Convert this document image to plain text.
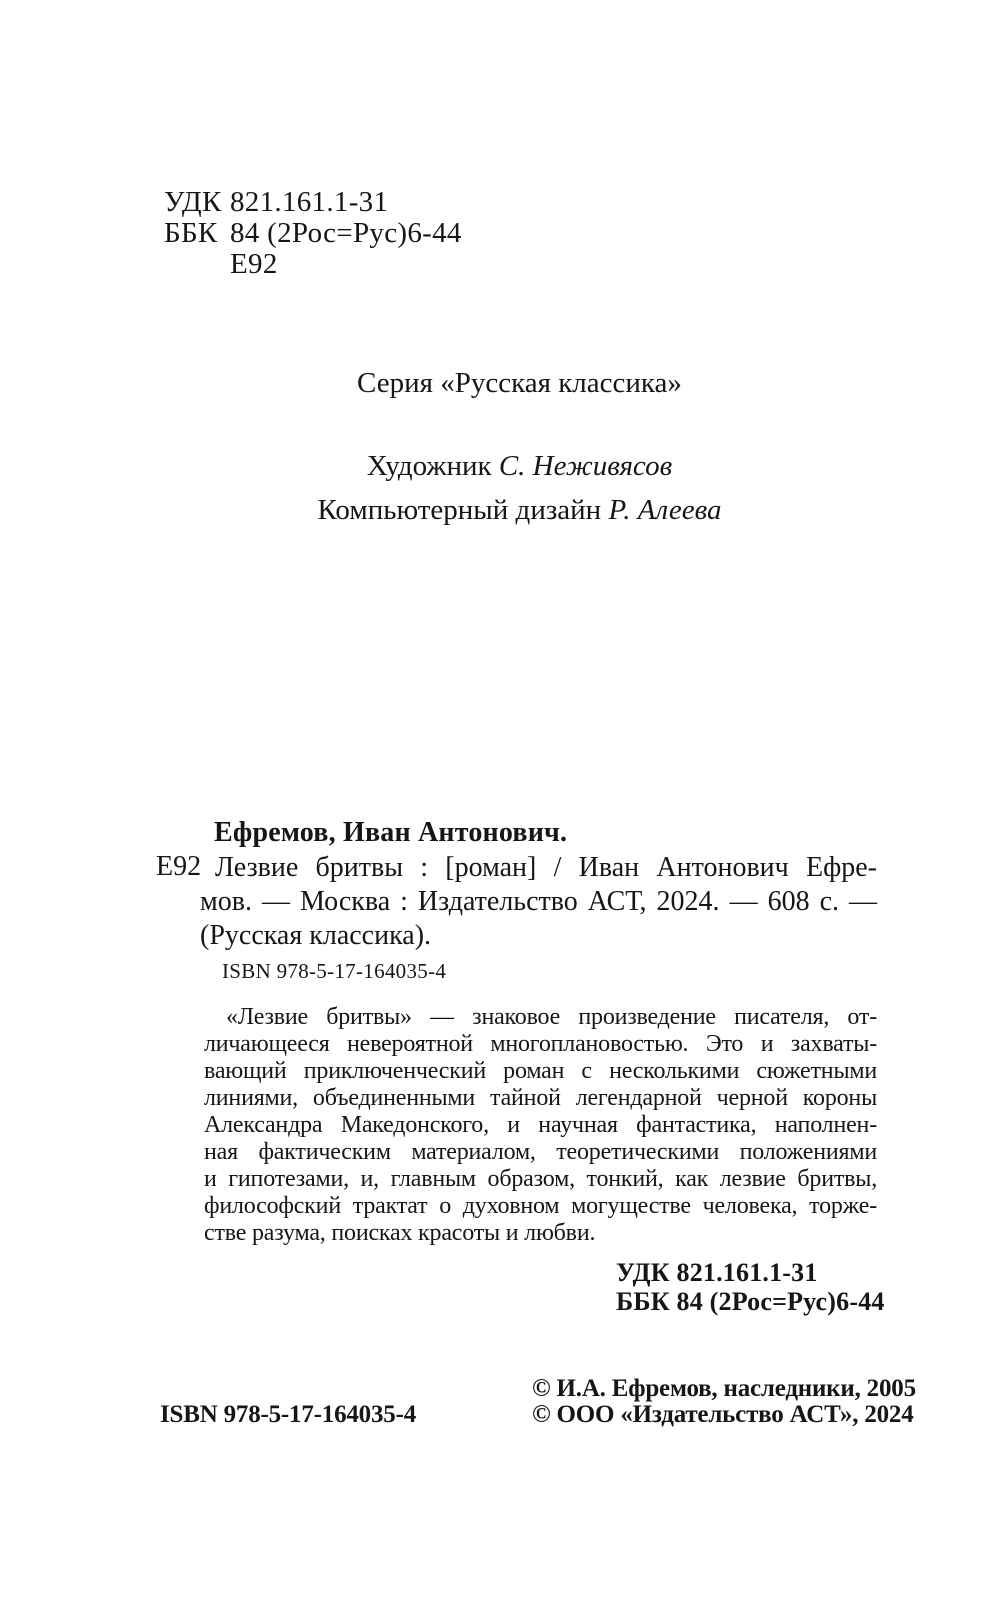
УДК 821.161.1-31
ББК 84 (2Рос=Рус)6-44
Е92
Серия «Русская классика»
Художник С. Неживясов
Компьютерный дизайн Р. Алеева
Ефремов, Иван Антонович.
Е92 Лезвие бритвы : [роман] / Иван Антонович Ефре-
мов. — Москва : Издательство АСТ, 2024. — 608 с. —
(Русская классика).
ISBN 978-5-17-164035-4
«Лезвие бритвы» — знаковое произведение писателя, от-
личающееся невероятной многоплановостью. Это и захваты-
вающий приключенческий роман с несколькими сюжетными
линиями, объединенными тайной легендарной черной короны
Александра Македонского, и научная фантастика, наполнен-
ная фактическим материалом, теоретическими положениями
и гипотезами, и, главным образом, тонкий, как лезвие бритвы,
философский трактат о духовном могуществе человека, торже-
стве разума, поисках красоты и любви.
УДК 821.161.1-31
ББК 84 (2Рос=Рус)6-44
© И.А. Ефремов, наследники, 2005
ISBN 978-5-17-164035-4	© ООО «Издательство АСТ», 2024
